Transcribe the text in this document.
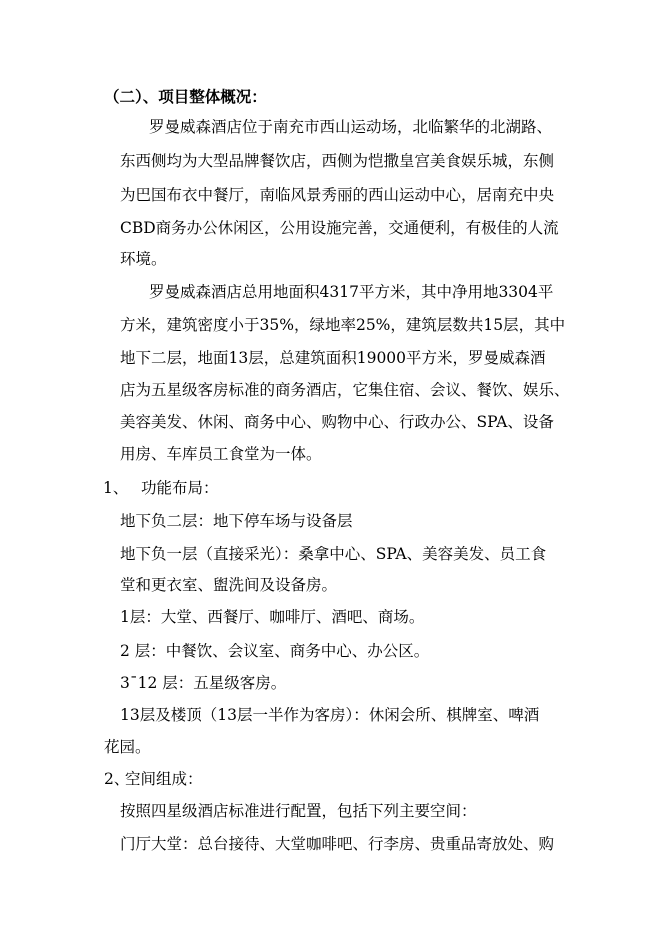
（二）、项目整体概况：
罗曼威森酒店位于南充市西山运动场，北临繁华的北湖路、
东西侧均为大型品牌餐饮店，西侧为恺撒皇宫美食娱乐城，东侧
为巴国布衣中餐厅，南临风景秀丽的西山运动中心，居南充中央
CBD商务办公休闲区，公用设施完善，交通便利，有极佳的人流
环境。
罗曼威森酒店总用地面积4317平方米，其中净用地3304平
方米，建筑密度小于35%，绿地率25%，建筑层数共15层，其中
地下二层，地面13层，总建筑面积19000平方米，罗曼威森酒
店为五星级客房标准的商务酒店，它集住宿、会议、餐饮、娱乐、
美容美发、休闲、商务中心、购物中心、行政办公、SPA、设备
用房、车库员工食堂为一体。
1、 功能布局：
地下负二层：地下停车场与设备层
地下负一层（直接采光）：桑拿中心、SPA、美容美发、员工食
堂和更衣室、盥洗间及设备房。
1层：大堂、西餐厅、咖啡厅、酒吧、商场。
2 层：中餐饮、会议室、商务中心、办公区。
3¯12 层：五星级客房。
13层及楼顶（13层一半作为客房）：休闲会所、棋牌室、啤酒
花园。
2、
空间组成：
按照四星级酒店标准进行配置，包括下列主要空间：
门厅大堂：总台接待、大堂咖啡吧、行李房、贵重品寄放处、购
